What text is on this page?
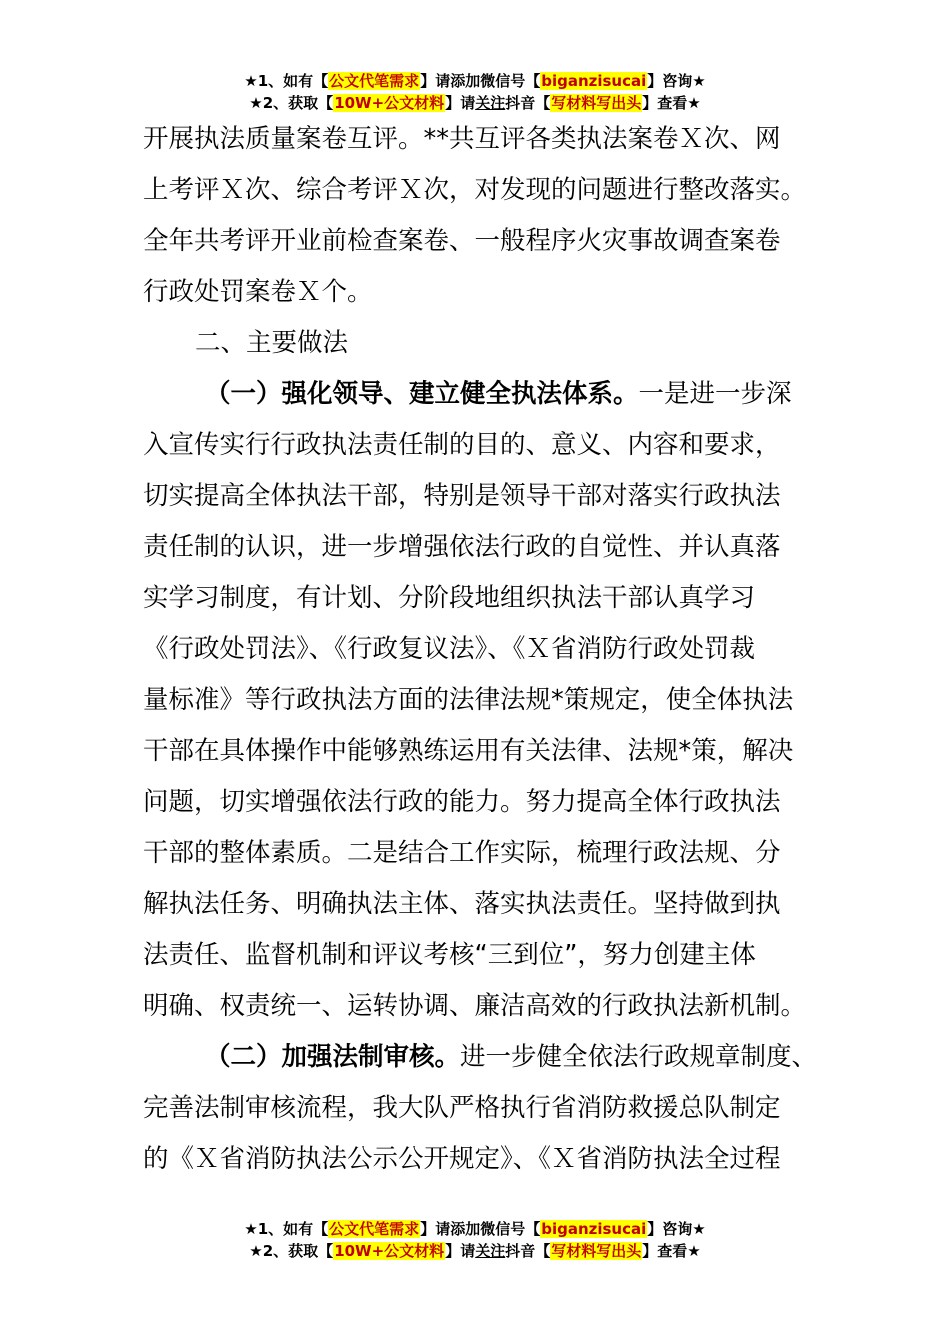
★1、如有【公文代笔需求】请添加微信号【biganzisucai】咨询★
★2、获取【10W+公文材料】请关注抖音【写材料写出头】查看★
开展执法质量案卷互评。**共互评各类执法案卷Ｘ次、网
上考评Ｘ次、综合考评Ｘ次，对发现的问题进行整改落实。
全年共考评开业前检查案卷、一般程序火灾事故调查案卷
行政处罚案卷Ｘ个。
二、主要做法
（一）强化领导、建立健全执法体系。一是进一步深
入宣传实行行政执法责任制的目的、意义、内容和要求，
切实提高全体执法干部，特别是领导干部对落实行政执法
责任制的认识，进一步增强依法行政的自觉性、并认真落
实学习制度，有计划、分阶段地组织执法干部认真学习
《行政处罚法》、《行政复议法》、《Ｘ省消防行政处罚裁
量标准》等行政执法方面的法律法规*策规定，使全体执法
干部在具体操作中能够熟练运用有关法律、法规*策，解决
问题，切实增强依法行政的能力。努力提高全体行政执法
干部的整体素质。二是结合工作实际，梳理行政法规、分
解执法任务、明确执法主体、落实执法责任。坚持做到执
法责任、监督机制和评议考核“三到位”，努力创建主体
明确、权责统一、运转协调、廉洁高效的行政执法新机制。
（二）加强法制审核。进一步健全依法行政规章制度、
完善法制审核流程，我大队严格执行省消防救援总队制定
的《Ｘ省消防执法公示公开规定》、《Ｘ省消防执法全过程
★1、如有【公文代笔需求】请添加微信号【biganzisucai】咨询★
★2、获取【10W+公文材料】请关注抖音【写材料写出头】查看★
